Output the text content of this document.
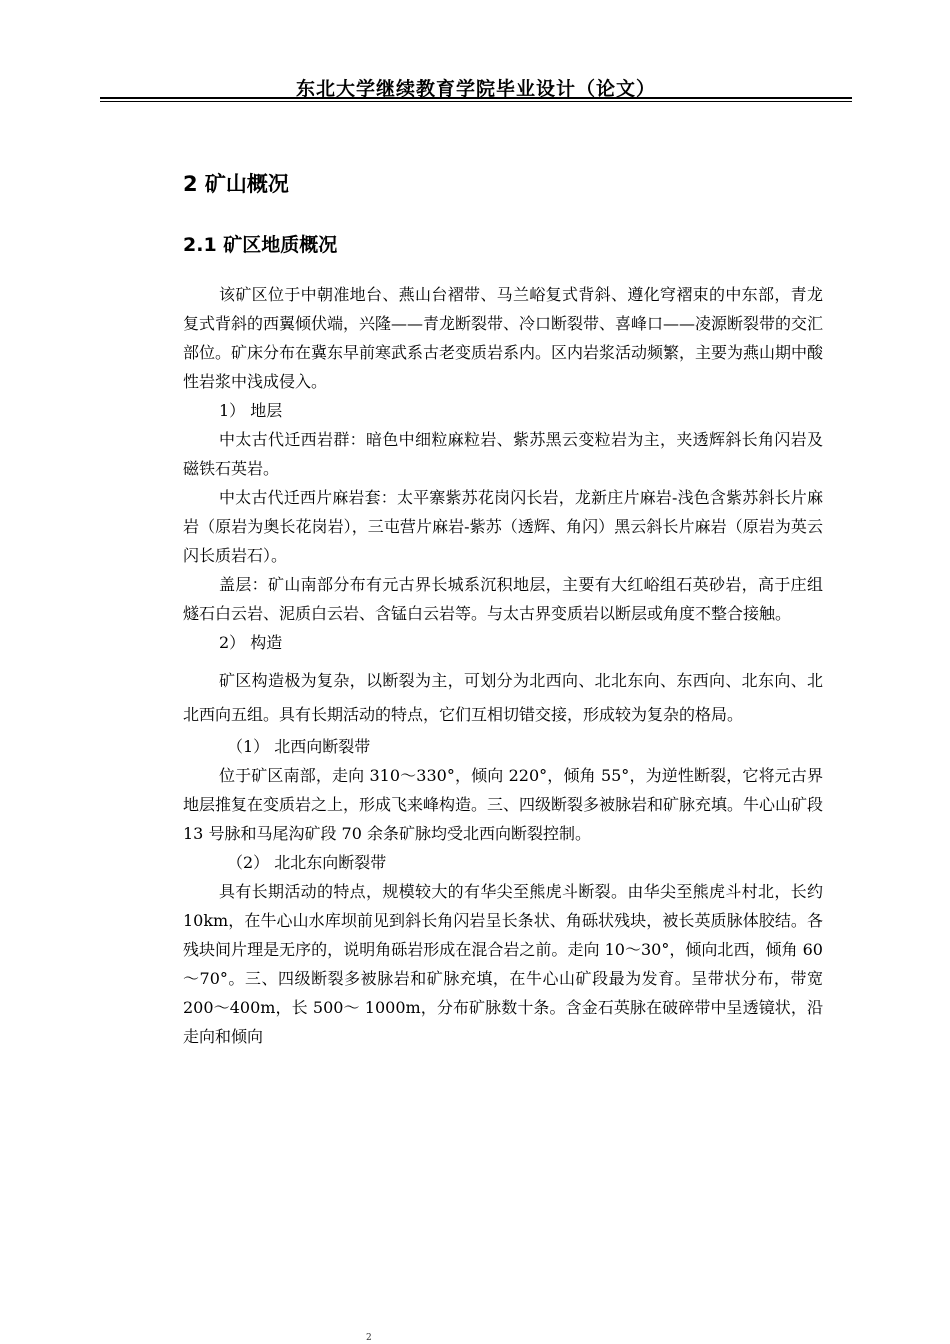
东北大学继续教育学院毕业设计（论文）
2 矿山概况
2.1 矿区地质概况

该矿区位于中朝准地台、燕山台褶带、马兰峪复式背斜、遵化穹褶束的中东部，青龙复式背斜的西翼倾伏端，兴隆——青龙断裂带、冷口断裂带、喜峰口——凌源断裂带的交汇部位。矿床分布在冀东早前寒武系古老变质岩系内。区内岩浆活动频繁，主要为燕山期中酸性岩浆中浅成侵入。

1） 地层

中太古代迁西岩群：暗色中细粒麻粒岩、紫苏黑云变粒岩为主，夹透辉斜长角闪岩及磁铁石英岩。

中太古代迁西片麻岩套：太平寨紫苏花岗闪长岩，龙新庄片麻岩-浅色含紫苏斜长片麻岩（原岩为奥长花岗岩），三屯营片麻岩-紫苏（透辉、角闪）黑云斜长片麻岩（原岩为英云闪长质岩石）。

盖层：矿山南部分布有元古界长城系沉积地层，主要有大红峪组石英砂岩，高于庄组燧石白云岩、泥质白云岩、含锰白云岩等。与太古界变质岩以断层或角度不整合接触。

2） 构造

矿区构造极为复杂，以断裂为主，可划分为北西向、北北东向、东西向、北东向、北北西向五组。具有长期活动的特点，它们互相切错交接，形成较为复杂的格局。

（1） 北西向断裂带

位于矿区南部，走向 310～330°，倾向 220°，倾角 55°，为逆性断裂，它将元古界地层推复在变质岩之上，形成飞来峰构造。三、四级断裂多被脉岩和矿脉充填。牛心山矿段 13 号脉和马尾沟矿段 70 余条矿脉均受北西向断裂控制。

（2） 北北东向断裂带

具有长期活动的特点，规模较大的有华尖至熊虎斗断裂。由华尖至熊虎斗村北，长约 10km，在牛心山水库坝前见到斜长角闪岩呈长条状、角砾状残块，被长英质脉体胶结。各残块间片理是无序的，说明角砾岩形成在混合岩之前。走向 10～30°，倾向北西，倾角 60～70°。三、四级断裂多被脉岩和矿脉充填，在牛心山矿段最为发育。呈带状分布，带宽 200～400m，长 500～ 1000m，分布矿脉数十条。含金石英脉在破碎带中呈透镜状，沿走向和倾向

2
